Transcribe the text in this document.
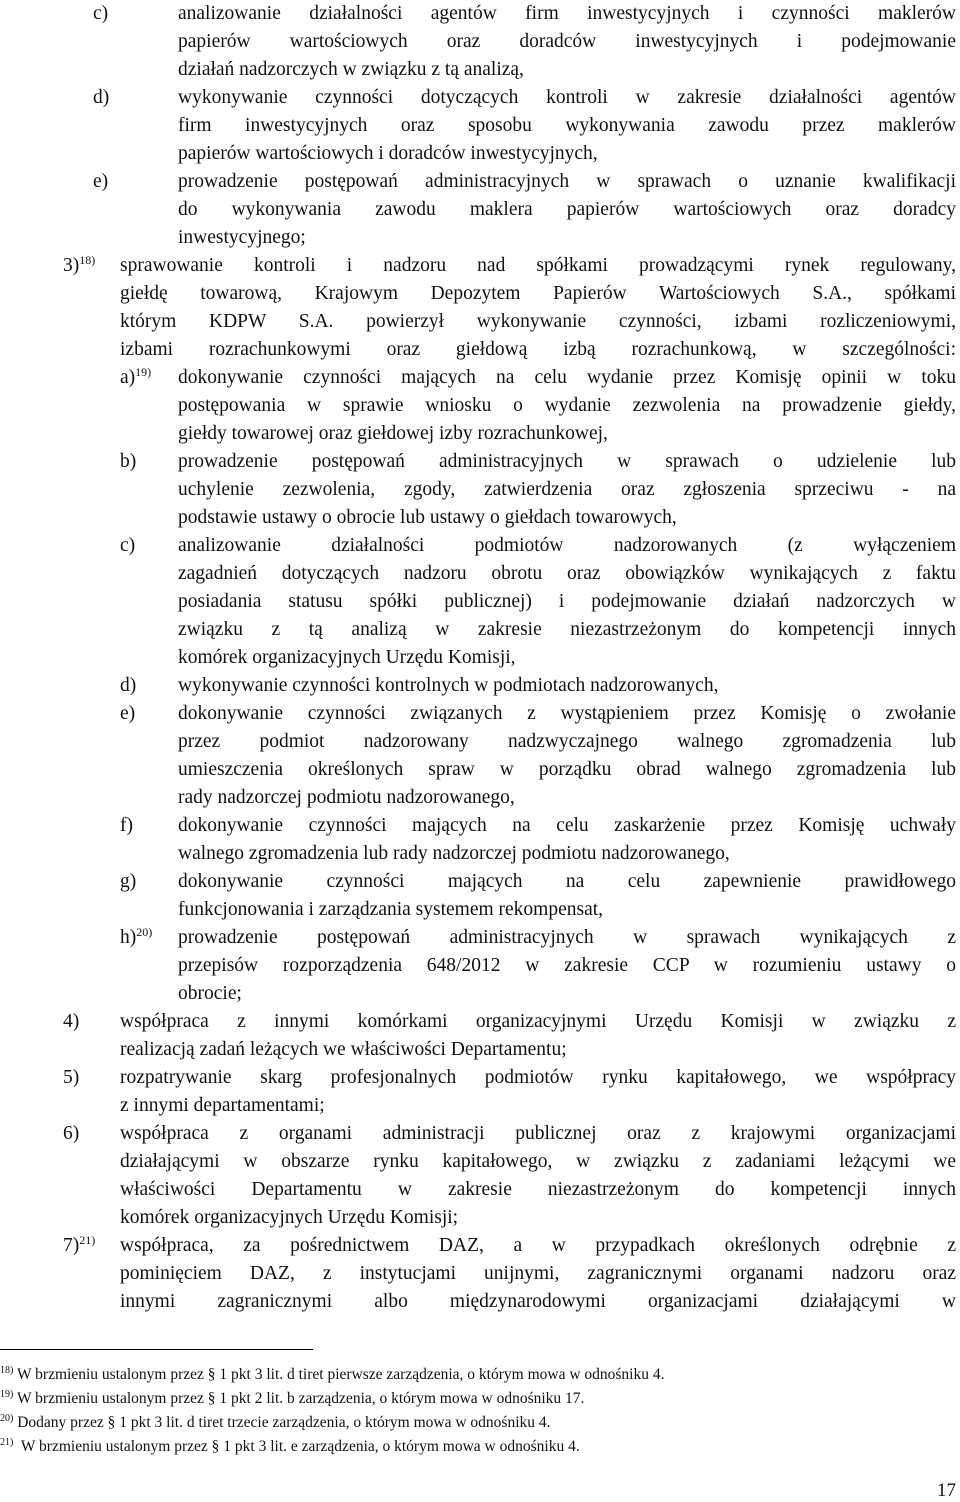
c)
d)
e)
3)$^{18)}$
a)$^{19)}$
b)
c)
d)
e)
f)
g)
h)$^{20)}$
4)
5)
6)
7)$^{21)}$
analizowanie działalności agentów firm inwestycyjnych i czynności maklerów
papierów wartościowych oraz doradców inwestycyjnych i podejmowanie
działań nadzorczych w związku z tą analizą,
wykonywanie czynności dotyczących kontroli w zakresie działalności agentów
firm inwestycyjnych oraz sposobu wykonywania zawodu przez maklerów
papierów wartościowych i doradców inwestycyjnych,
prowadzenie postępowań administracyjnych w sprawach o uznanie kwalifikacji
do wykonywania zawodu maklera papierów wartościowych oraz doradcy
inwestycyjnego;
sprawowanie kontroli i nadzoru nad spółkami prowadzącymi rynek regulowany,
giełdę towarową, Krajowym Depozytem Papierów Wartościowych S.A., spółkami
którym KDPW S.A. powierzył wykonywanie czynności, izbami rozliczeniowymi,
izbami rozrachunkowymi oraz giełdową izbą rozrachunkową, w szczególności:
dokonywanie czynności mających na celu wydanie przez Komisję opinii w toku
postępowania w sprawie wniosku o wydanie zezwolenia na prowadzenie giełdy,
giełdy towarowej oraz giełdowej izby rozrachunkowej,
prowadzenie postępowań administracyjnych w sprawach o udzielenie lub
uchylenie zezwolenia, zgody, zatwierdzenia oraz zgłoszenia sprzeciwu - na
podstawie ustawy o obrocie lub ustawy o giełdach towarowych,
analizowanie działalności podmiotów nadzorowanych (z wyłączeniem
zagadnień dotyczących nadzoru obrotu oraz obowiązków wynikających z faktu
posiadania statusu spółki publicznej) i podejmowanie działań nadzorczych w
związku z tą analizą w zakresie niezastrzeżonym do kompetencji innych
komórek organizacyjnych Urzędu Komisji,
wykonywanie czynności kontrolnych w podmiotach nadzorowanych,
dokonywanie czynności związanych z wystąpieniem przez Komisję o zwołanie
przez podmiot nadzorowany nadzwyczajnego walnego zgromadzenia lub
umieszczenia określonych spraw w porządku obrad walnego zgromadzenia lub
rady nadzorczej podmiotu nadzorowanego,
dokonywanie czynności mających na celu zaskarżenie przez Komisję uchwały
walnego zgromadzenia lub rady nadzorczej podmiotu nadzorowanego,
dokonywanie czynności mających na celu zapewnienie prawidłowego
funkcjonowania i zarządzania systemem rekompensat,
prowadzenie postępowań administracyjnych w sprawach wynikających z
przepisów rozporządzenia 648/2012 w zakresie CCP w rozumieniu ustawy o
obrocie;
współpraca z innymi komórkami organizacyjnymi Urzędu Komisji w związku z
realizacją zadań leżących we właściwości Departamentu;
rozpatrywanie skarg profesjonalnych podmiotów rynku kapitałowego, we współpracy
z innymi departamentami;
współpraca z organami administracji publicznej oraz z krajowymi organizacjami
działającymi w obszarze rynku kapitałowego, w związku z zadaniami leżącymi we
właściwości Departamentu w zakresie niezastrzeżonym do kompetencji innych
komórek organizacyjnych Urzędu Komisji;
współpraca, za pośrednictwem DAZ, a w przypadkach określonych odrębnie z
pominięciem DAZ, z instytucjami unijnymi, zagranicznymi organami nadzoru oraz
innymi zagranicznymi albo międzynarodowymi organizacjami działającymi w
$^{18)}$ W brzmieniu ustalonym przez § 1 pkt 3 lit. d tiret pierwsze zarządzenia, o którym mowa w odnośniku 4.
$^{19)}$ W brzmieniu ustalonym przez § 1 pkt 2 lit. b zarządzenia, o którym mowa w odnośniku 17.
$^{20)}$ Dodany przez § 1 pkt 3 lit. d tiret trzecie zarządzenia, o którym mowa w odnośniku 4.
$^{21)}$ W brzmieniu ustalonym przez § 1 pkt 3 lit. e zarządzenia, o którym mowa w odnośniku 4.
17
